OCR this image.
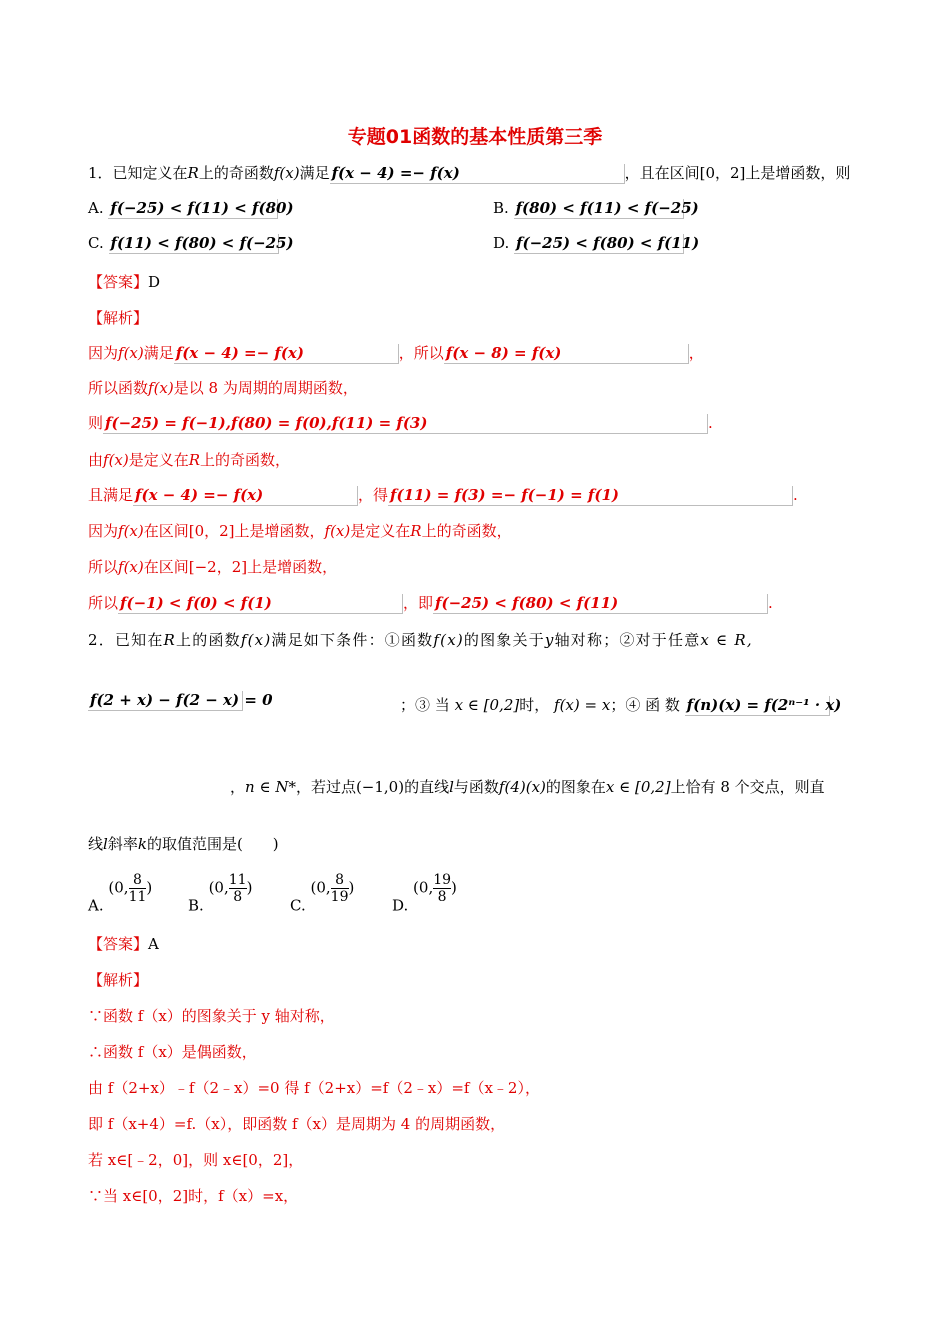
专题01函数的基本性质第三季
1．已知定义在R上的奇函数f(x)满足 f(x − 4) =− f(x)	，且在区间[0，2]上是增函数，则
A. f(−25) < f(11) < f(80)	B. f(80) < f(11) < f(−25)
C. f(11) < f(80) < f(−25)	D. f(−25) < f(80) < f(11)
【答案】D
【解析】
因为f(x)满足 f(x − 4) =− f(x)	，所以 f(x − 8) = f(x)	，
所以函数f(x)是以 8 为周期的周期函数，
则 f(−25) = f(−1),f(80) = f(0),f(11) = f(3)	.
由f(x)是定义在R上的奇函数，
且满足 f(x − 4) =− f(x)	，得 f(11) = f(3) =− f(−1) = f(1)	.
因为f(x)在区间[0，2]上是增函数，f(x)是定义在R上的奇函数，
所以f(x)在区间[−2，2]上是增函数，
所以 f(−1) < f(0) < f(1)	，即 f(−25) < f(80) < f(11)	.
2．已知在R上的函数f(x)满足如下条件：①函数f(x)的图象关于y轴对称；②对于任意x ∈ R,
f(2 + x) − f(2 − x) = 0	；③ 当 x ∈ [0,2]时， f(x) = x；④ 函 数 f(n)(x) = f(2ⁿ⁻¹ · x)
，n ∈ N*，若过点(−1,0)的直线l与函数f(4)(x)的图象在x ∈ [0,2]上恰有 8 个交点，则直
线l斜率k的取值范围是(　　)
A. (0, $\frac{8}{11}$ )
B. (0, $\frac{11}{8}$ )
C. (0, $\frac{8}{19}$ )
D. (0, $\frac{19}{8}$ )
【答案】A
【解析】
∵函数 f（x）的图象关于 y 轴对称，
∴函数 f（x）是偶函数，
由 f（2+x）﹣f（2﹣x）=0 得 f（2+x）=f（2﹣x）=f（x﹣2），
即 f（x+4）=f.（x），即函数 f（x）是周期为 4 的周期函数，
若 x∈[﹣2，0]，则 x∈[0，2]，
∵当 x∈[0，2]时，f（x）=x，
